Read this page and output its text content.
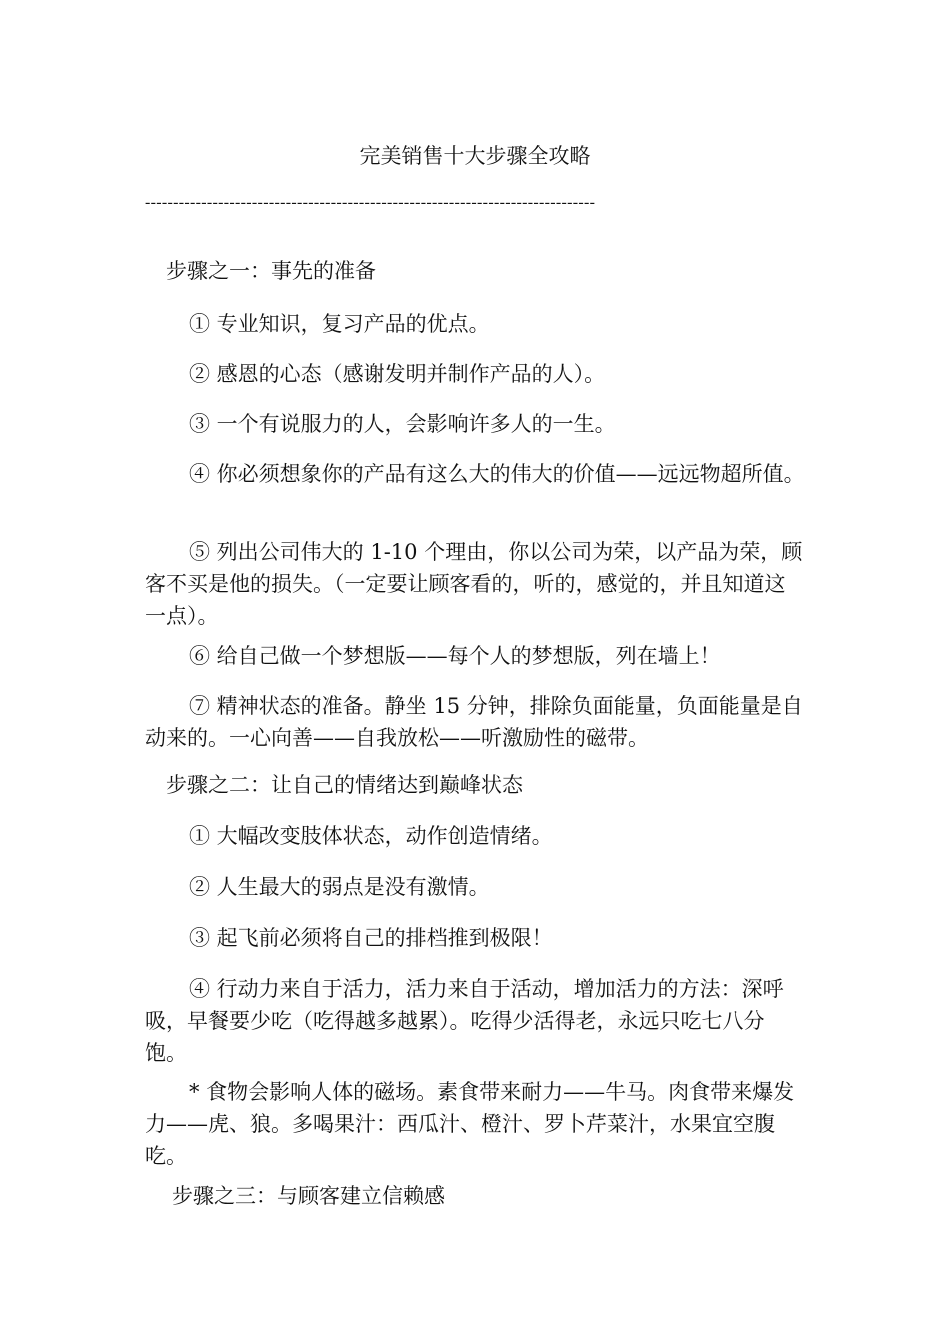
完美销售十大步骤全攻略
--------------------------------------------------------------------------------
步骤之一：事先的准备
① 专业知识，复习产品的优点。
② 感恩的心态（感谢发明并制作产品的人）。
③ 一个有说服力的人，会影响许多人的一生。
④ 你必须想象你的产品有这么大的伟大的价值——远远物超所值。
⑤ 列出公司伟大的 1-10 个理由，你以公司为荣，以产品为荣，顾客不买是他的损失。（一定要让顾客看的，听的，感觉的，并且知道这一点）。
⑥ 给自己做一个梦想版——每个人的梦想版，列在墙上！
⑦ 精神状态的准备。静坐 15 分钟，排除负面能量，负面能量是自动来的。一心向善——自我放松——听激励性的磁带。
步骤之二：让自己的情绪达到巅峰状态
① 大幅改变肢体状态，动作创造情绪。
② 人生最大的弱点是没有激情。
③ 起飞前必须将自己的排档推到极限！
④ 行动力来自于活力，活力来自于活动，增加活力的方法：深呼吸，早餐要少吃（吃得越多越累）。吃得少活得老，永远只吃七八分饱。
* 食物会影响人体的磁场。素食带来耐力——牛马。肉食带来爆发力——虎、狼。多喝果汁：西瓜汁、橙汁、罗卜芹菜汁，水果宜空腹吃。
步骤之三：与顾客建立信赖感
